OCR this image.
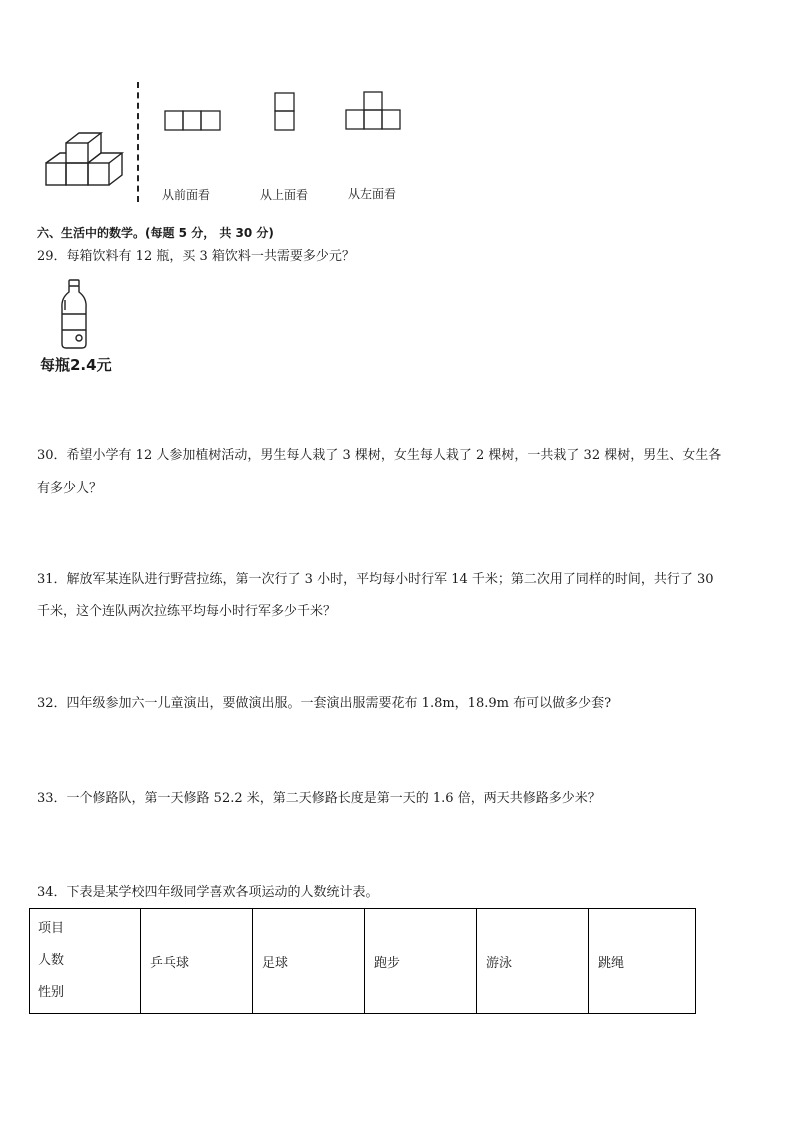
从前面看	从上面看	从左面看
六、生活中的数学。(每题 5 分， 共 30 分)
29．每箱饮料有 12 瓶，买 3 箱饮料一共需要多少元？
每瓶2.4元
30．希望小学有 12 人参加植树活动，男生每人栽了 3 棵树，女生每人栽了 2 棵树，一共栽了 32 棵树，男生、女生各
有多少人？
31．解放军某连队进行野营拉练，第一次行了 3 小时，平均每小时行军 14 千米；第二次用了同样的时间，共行了 30
千米，这个连队两次拉练平均每小时行军多少千米？
32．四年级参加六一儿童演出，要做演出服。一套演出服需要花布 1.8m，18.9m 布可以做多少套?
33．一个修路队，第一天修路 52.2 米，第二天修路长度是第一天的 1.6 倍，两天共修路多少米？
34．下表是某学校四年级同学喜欢各项运动的人数统计表。
项目
人数
性别
	乒乓球	足球	跑步	游泳	跳绳
